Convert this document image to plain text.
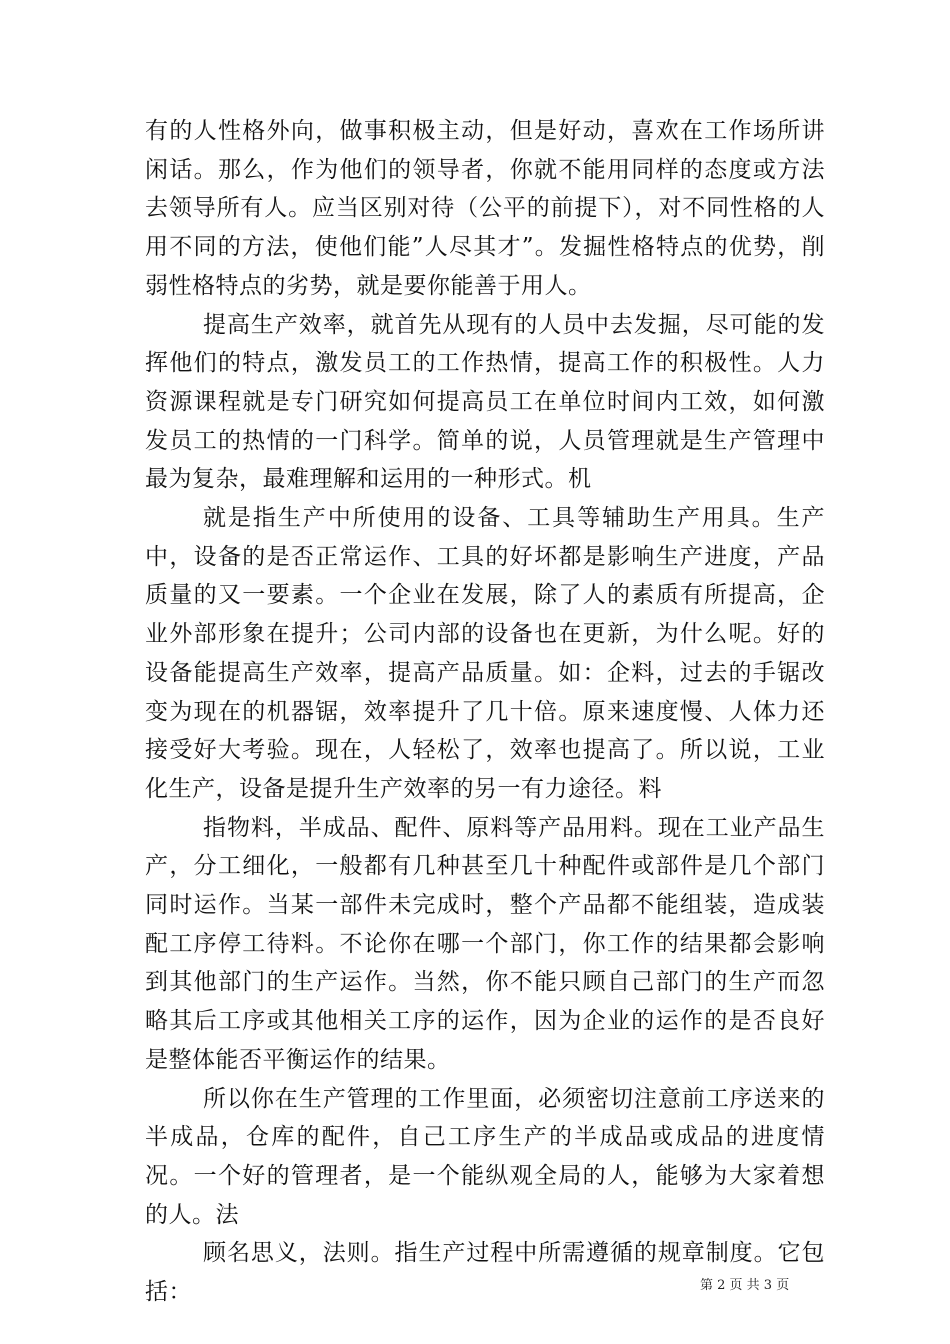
有的人性格外向，做事积极主动，但是好动，喜欢在工作场所讲闲话。那么，作为他们的领导者，你就不能用同样的态度或方法去领导所有人。应当区别对待（公平的前提下），对不同性格的人用不同的方法，使他们能”人尽其才”。发掘性格特点的优势，削弱性格特点的劣势，就是要你能善于用人。

提高生产效率，就首先从现有的人员中去发掘，尽可能的发挥他们的特点，激发员工的工作热情，提高工作的积极性。人力资源课程就是专门研究如何提高员工在单位时间内工效，如何激发员工的热情的一门科学。简单的说，人员管理就是生产管理中最为复杂，最难理解和运用的一种形式。机

就是指生产中所使用的设备、工具等辅助生产用具。生产中，设备的是否正常运作、工具的好坏都是影响生产进度，产品质量的又一要素。一个企业在发展，除了人的素质有所提高，企业外部形象在提升；公司内部的设备也在更新，为什么呢。好的设备能提高生产效率，提高产品质量。如：企料，过去的手锯改变为现在的机器锯，效率提升了几十倍。原来速度慢、人体力还接受好大考验。现在，人轻松了，效率也提高了。所以说，工业化生产，设备是提升生产效率的另一有力途径。料

指物料，半成品、配件、原料等产品用料。现在工业产品生产，分工细化，一般都有几种甚至几十种配件或部件是几个部门同时运作。当某一部件未完成时，整个产品都不能组装，造成装配工序停工待料。不论你在哪一个部门，你工作的结果都会影响到其他部门的生产运作。当然，你不能只顾自己部门的生产而忽略其后工序或其他相关工序的运作，因为企业的运作的是否良好是整体能否平衡运作的结果。

所以你在生产管理的工作里面，必须密切注意前工序送来的半成品，仓库的配件，自己工序生产的半成品或成品的进度情况。一个好的管理者，是一个能纵观全局的人，能够为大家着想的人。法

顾名思义，法则。指生产过程中所需遵循的规章制度。它包括：	第 2 页 共 3 页
